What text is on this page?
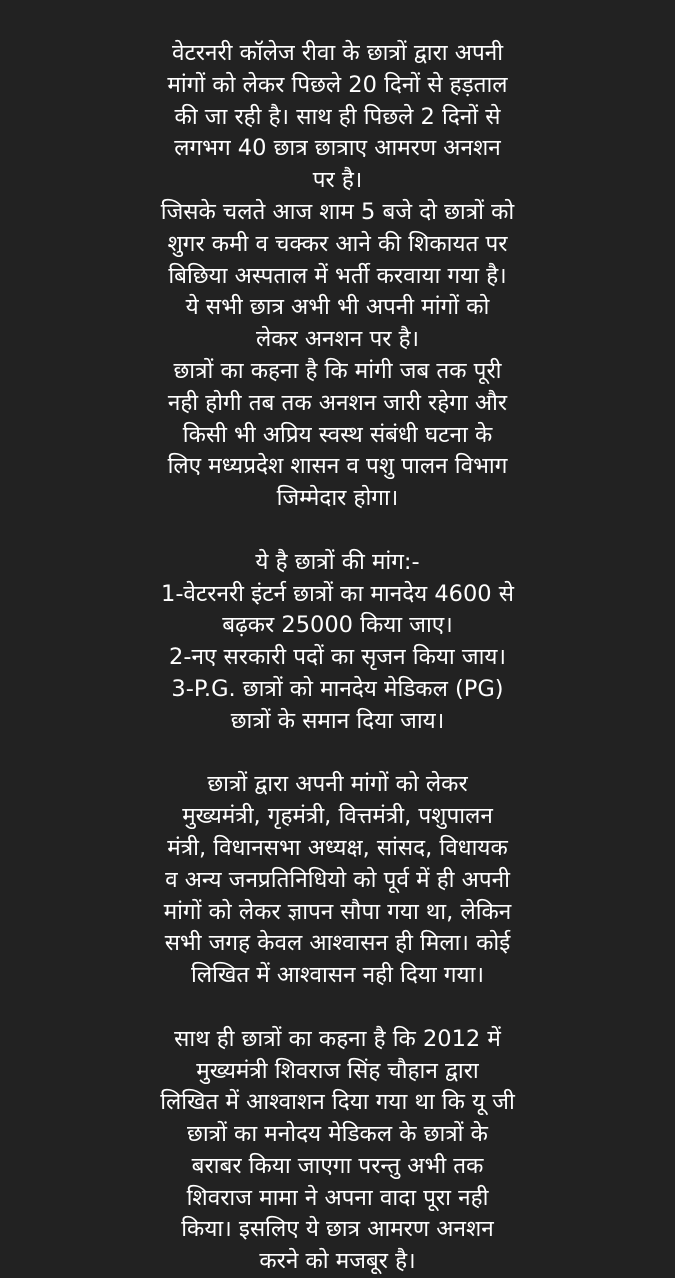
वेटरनरी कॉलेज रीवा के छात्रों द्वारा अपनी
मांगों को लेकर पिछले 20 दिनों से हड़ताल
की जा रही है। साथ ही पिछले 2 दिनों से
लगभग 40 छात्र छात्राए आमरण अनशन
पर है।
जिसके चलते आज शाम 5 बजे दो छात्रों को
शुगर कमी व चक्कर आने की शिकायत पर
बिछिया अस्पताल में भर्ती करवाया गया है।
ये सभी छात्र अभी भी अपनी मांगों को
लेकर अनशन पर है।
छात्रों का कहना है कि मांगी जब तक पूरी
नही होगी तब तक अनशन जारी रहेगा और
किसी भी अप्रिय स्वस्थ संबंधी घटना के
लिए मध्यप्रदेश शासन व पशु पालन विभाग
जिम्मेदार होगा।

ये है छात्रों की मांग:-
1-वेटरनरी इंटर्न छात्रों का मानदेय 4600 से
बढ़कर 25000 किया जाए।
2-नए सरकारी पदों का सृजन किया जाय।
3-P.G. छात्रों को मानदेय मेडिकल (PG)
छात्रों के समान दिया जाय।

छात्रों द्वारा अपनी मांगों को लेकर
मुख्यमंत्री, गृहमंत्री, वित्तमंत्री, पशुपालन
मंत्री, विधानसभा अध्यक्ष, सांसद, विधायक
व अन्य जनप्रतिनिधियो को पूर्व में ही अपनी
मांगों को लेकर ज्ञापन सौपा गया था, लेकिन
सभी जगह केवल आश्वासन ही मिला। कोई
लिखित में आश्वासन नही दिया गया।

साथ ही छात्रों का कहना है कि 2012 में
मुख्यमंत्री शिवराज सिंह चौहान द्वारा
लिखित में आश्वाशन दिया गया था कि यू जी
छात्रों का मनोदय मेडिकल के छात्रों के
बराबर किया जाएगा परन्तु अभी तक
शिवराज मामा ने अपना वादा पूरा नही
किया। इसलिए ये छात्र आमरण अनशन
करने को मजबूर है।
